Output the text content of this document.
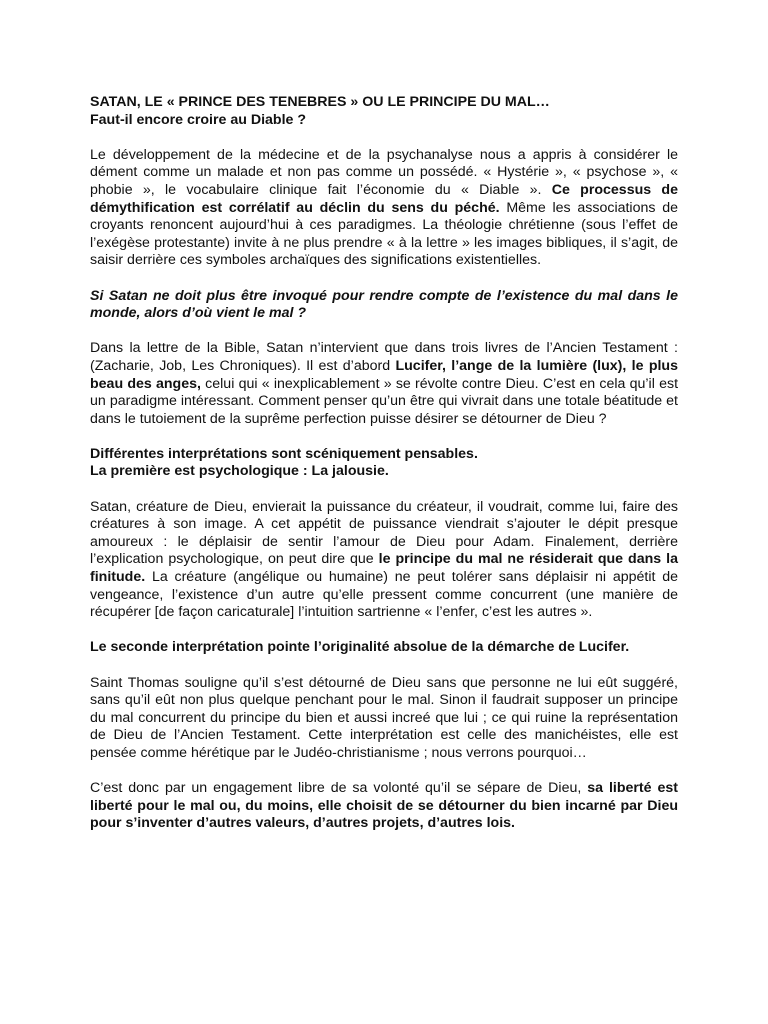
SATAN, LE « PRINCE DES TENEBRES » OU LE PRINCIPE DU MAL…
Faut-il encore croire au Diable ?

Le développement de la médecine et de la psychanalyse nous a appris à considérer le dément comme un malade et non pas comme un possédé. « Hystérie », « psychose », « phobie », le vocabulaire clinique fait l’économie du « Diable ». Ce processus de démythification est corrélatif au déclin du sens du péché. Même les associations de croyants renoncent aujourd’hui à ces paradigmes. La théologie chrétienne (sous l’effet de l’exégèse protestante) invite à ne plus prendre « à la lettre » les images bibliques, il s’agit, de saisir derrière ces symboles archaïques des significations existentielles.

Si Satan ne doit plus être invoqué pour rendre compte de l’existence du mal dans le monde, alors d’où vient le mal ?

Dans la lettre de la Bible, Satan n’intervient que dans trois livres de l’Ancien Testament : (Zacharie, Job, Les Chroniques). Il est d’abord Lucifer, l’ange de la lumière (lux), le plus beau des anges, celui qui « inexplicablement » se révolte contre Dieu. C’est en cela qu’il est un paradigme intéressant. Comment penser qu’un être qui vivrait dans une totale béatitude et dans le tutoiement de la suprême perfection puisse désirer se détourner de Dieu ?

Différentes interprétations sont scéniquement pensables.
La première est psychologique : La jalousie.

Satan, créature de Dieu, envierait la puissance du créateur, il voudrait, comme lui, faire des créatures à son image. A cet appétit de puissance viendrait s’ajouter le dépit presque amoureux : le déplaisir de sentir l’amour de Dieu pour Adam. Finalement, derrière l’explication psychologique, on peut dire que le principe du mal ne résiderait que dans la finitude. La créature (angélique ou humaine) ne peut tolérer sans déplaisir ni appétit de vengeance, l’existence d’un autre qu’elle pressent comme concurrent (une manière de récupérer [de façon caricaturale] l’intuition sartrienne « l’enfer, c’est les autres ».

Le seconde interprétation pointe l’originalité absolue de la démarche de Lucifer.

Saint Thomas souligne qu’il s’est détourné de Dieu sans que personne ne lui eût suggéré, sans qu’il eût non plus quelque penchant pour le mal. Sinon il faudrait supposer un principe du mal concurrent du principe du bien et aussi increé que lui ; ce qui ruine la représentation de Dieu de l’Ancien Testament. Cette interprétation est celle des manichéistes, elle est pensée comme hérétique par le Judéo-christianisme ; nous verrons pourquoi…

C’est donc par un engagement libre de sa volonté qu’il se sépare de Dieu, sa liberté est liberté pour le mal ou, du moins, elle choisit de se détourner du bien incarné par Dieu pour s’inventer d’autres valeurs, d’autres projets, d’autres lois.
